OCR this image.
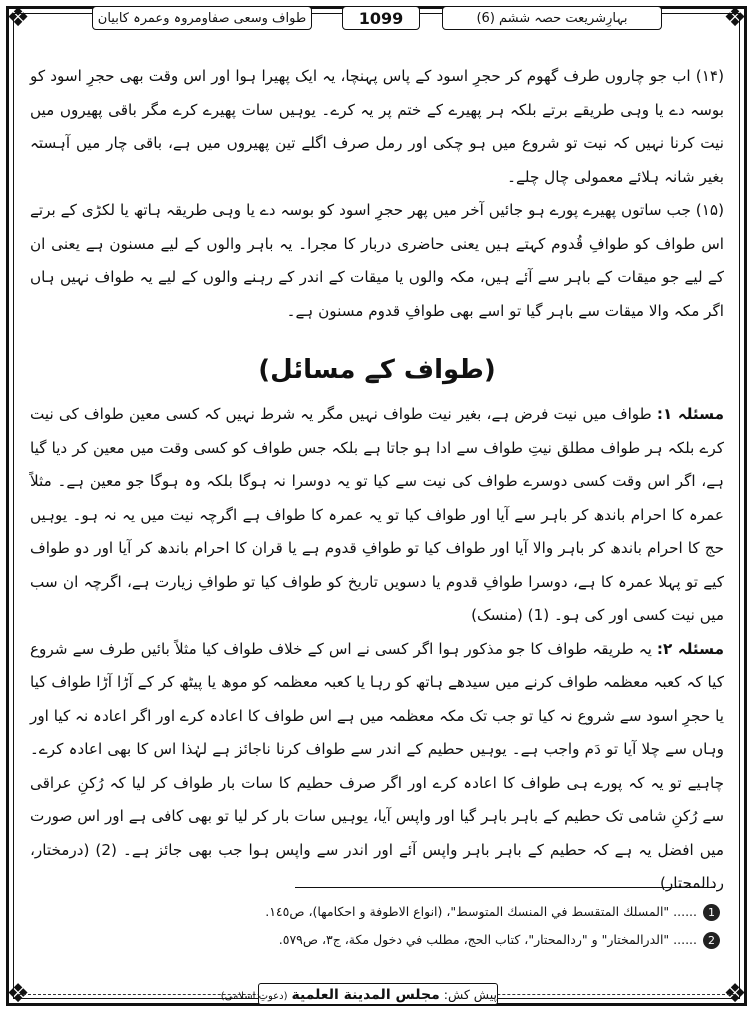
❖	❖
❖	❖
بہارِشریعت حصہ ششم (6)
1099
طواف وسعی صفاومروہ وعمرہ کابیان

(۱۴) اب جو چاروں طرف گھوم کر حجرِ اسود کے پاس پہنچا، یہ ایک پھیرا ہوا اور اس وقت بھی حجرِ اسود کو بوسہ دے یا وہی طریقے برتے بلکہ ہر پھیرے کے ختم پر یہ کرے۔ یوہیں سات پھیرے کرے مگر باقی پھیروں میں نیت کرنا نہیں کہ نیت تو شروع میں ہو چکی اور رمل صرف اگلے تین پھیروں میں ہے، باقی چار میں آہستہ بغیر شانہ ہلائے معمولی چال چلے۔

(۱۵) جب ساتوں پھیرے پورے ہو جائیں آخر میں پھر حجرِ اسود کو بوسہ دے یا وہی طریقہ ہاتھ یا لکڑی کے برتے اس طواف کو طوافِ قُدوم کہتے ہیں یعنی حاضری دربار کا مجرا۔ یہ باہر والوں کے لیے مسنون ہے یعنی ان کے لیے جو میقات کے باہر سے آئے ہیں، مکہ والوں یا میقات کے اندر کے رہنے والوں کے لیے یہ طواف نہیں ہاں اگر مکہ والا میقات سے باہر گیا تو اسے بھی طوافِ قدوم مسنون ہے۔

(طواف کے مسائل)

مسئلہ ۱: طواف میں نیت فرض ہے، بغیر نیت طواف نہیں مگر یہ شرط نہیں کہ کسی معین طواف کی نیت کرے بلکہ ہر طواف مطلق نیتِ طواف سے ادا ہو جاتا ہے بلکہ جس طواف کو کسی وقت میں معین کر دیا گیا ہے، اگر اس وقت کسی دوسرے طواف کی نیت سے کیا تو یہ دوسرا نہ ہوگا بلکہ وہ ہوگا جو معین ہے۔ مثلاً عمرہ کا احرام باندھ کر باہر سے آیا اور طواف کیا تو یہ عمرہ کا طواف ہے اگرچہ نیت میں یہ نہ ہو۔ یوہیں حج کا احرام باندھ کر باہر والا آیا اور طواف کیا تو طوافِ قدوم ہے یا قران کا احرام باندھ کر آیا اور دو طواف کیے تو پہلا عمرہ کا ہے، دوسرا طوافِ قدوم یا دسویں تاریخ کو طواف کیا تو طوافِ زیارت ہے، اگرچہ ان سب میں نیت کسی اور کی ہو۔ (1) (منسک)

مسئلہ ۲: یہ طریقہ طواف کا جو مذکور ہوا اگر کسی نے اس کے خلاف طواف کیا مثلاً بائیں طرف سے شروع کیا کہ کعبہ معظمہ طواف کرنے میں سیدھے ہاتھ کو رہا یا کعبہ معظمہ کو موھ یا پیٹھ کر کے آڑا آڑا طواف کیا یا حجرِ اسود سے شروع نہ کیا تو جب تک مکہ معظمہ میں ہے اس طواف کا اعادہ کرے اور اگر اعادہ نہ کیا اور وہاں سے چلا آیا تو دَم واجب ہے۔ یوہیں حطیم کے اندر سے طواف کرنا ناجائز ہے لہٰذا اس کا بھی اعادہ کرے۔ چاہیے تو یہ کہ پورے ہی طواف کا اعادہ کرے اور اگر صرف حطیم کا سات بار طواف کر لیا کہ رُکنِ عراقی سے رُکنِ شامی تک حطیم کے باہر باہر گیا اور واپس آیا، یوہیں سات بار کر لیا تو بھی کافی ہے اور اس صورت میں افضل یہ ہے کہ حطیم کے باہر باہر واپس آئے اور اندر سے واپس ہوا جب بھی جائز ہے۔ (2) (درمختار، ردالمحتار)

1...... "المسلك المتقسط في المنسك المتوسط"، (انواع الاطوفة و احكامها)، ص١٤٥.
2...... "الدرالمختار" و "ردالمحتار"، كتاب الحج، مطلب في دخول مكة، ج٣، ص٥٧٩.
پیش کش: مجلس المدينة العلمية (دعوتِ اسلامی)
